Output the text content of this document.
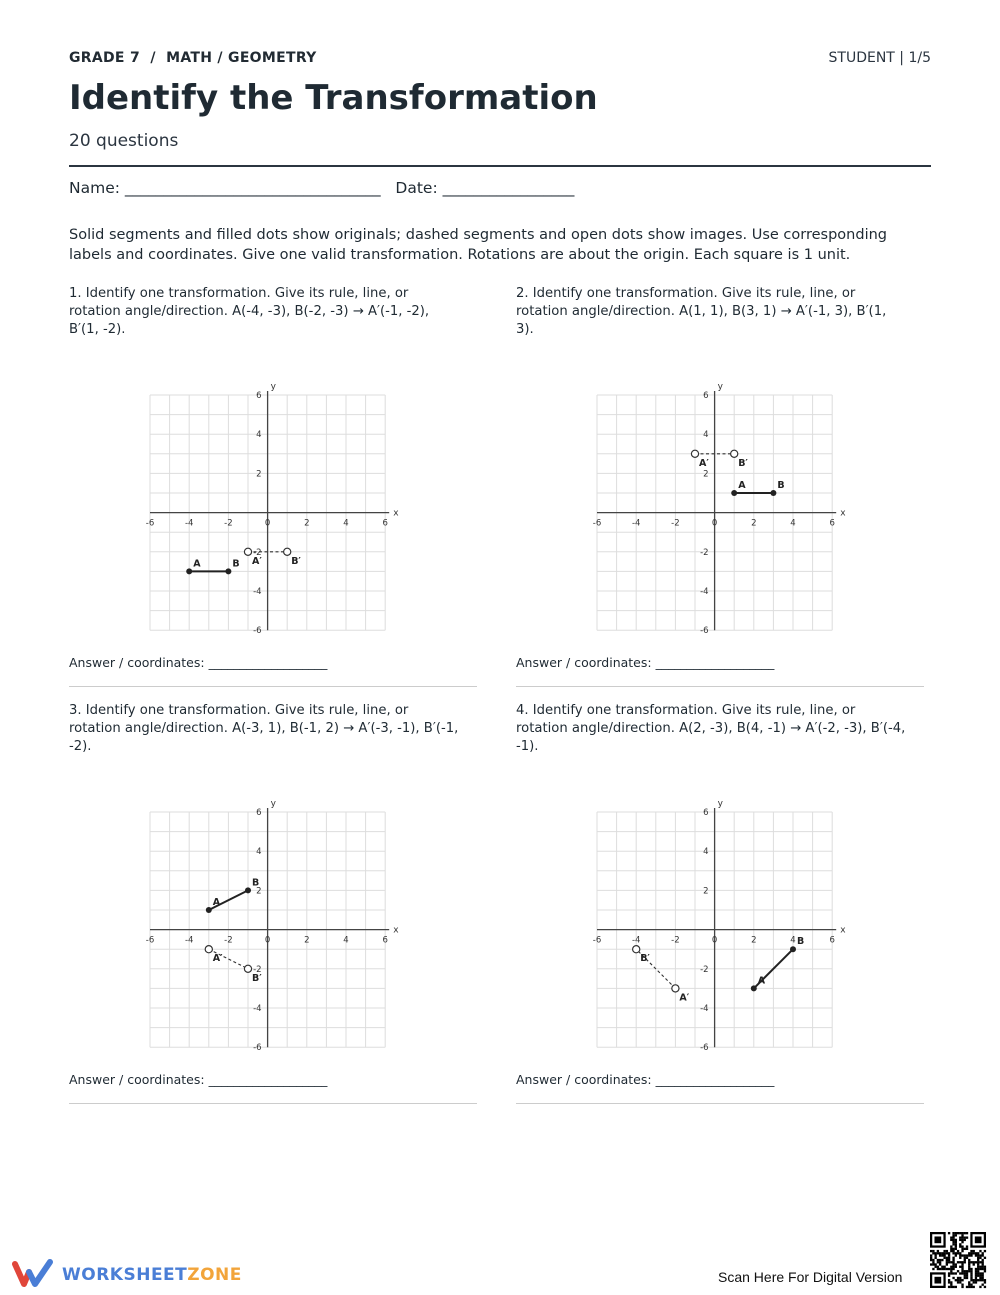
GRADE 7  /  MATH / GEOMETRY	STUDENT | 1/5
Identify the Transformation
20 questions
Name: _________________________________   Date: _________________
Solid segments and filled dots show originals; dashed segments and open dots show images. Use corresponding labels and coordinates. Give one valid transformation. Rotations are about the origin. Each square is 1 unit.
1. Identify one transformation. Give its rule, line, or rotation angle/direction. A(-4, -3), B(-2, -3) → A′(-1, -2), B′(1, -2).
x
y
-6
-6
-4
-4
-2
-2
0	2
2
4
4
6
6
A	B A′	B′
Answer / coordinates: ___________________
2. Identify one transformation. Give its rule, line, or rotation angle/direction. A(1, 1), B(3, 1) → A′(-1, 3), B′(1, 3).
x
y
-6
-6
-4
-4
-2
-2
0	2
2
4
4
6
6
A	B
A′	B′
Answer / coordinates: ___________________
3. Identify one transformation. Give its rule, line, or rotation angle/direction. A(-3, 1), B(-1, 2) → A′(-3, -1), B′(-1, -2).
x
y
-6
-6
-4
-4
-2
-2
0	2
2
4
4
6
6
A
B
A′
B′
Answer / coordinates: ___________________
4. Identify one transformation. Give its rule, line, or rotation angle/direction. A(2, -3), B(4, -1) → A′(-2, -3), B′(-4, -1).
x
y
-6
-6
-4
-4
-2
-2
0	2
2
4
4
6
6
A
B
A′
B′
Answer / coordinates: ___________________
WORKSHEETZONE	Scan Here For Digital Version
